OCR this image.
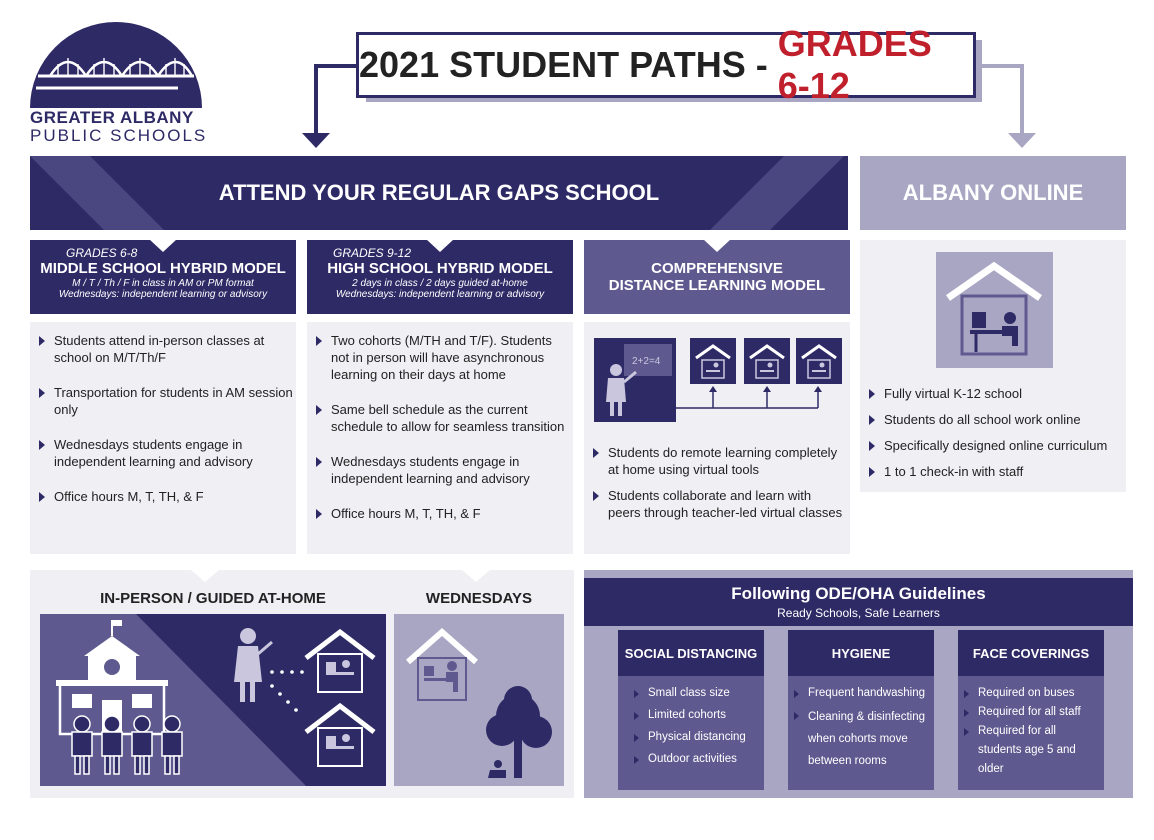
GREATER ALBANY
PUBLIC SCHOOLS
2021 STUDENT PATHS -
GRADES 6-12
ATTEND YOUR REGULAR GAPS SCHOOL	ALBANY ONLINE
Fully virtual K-12 school
Students do all school work online
Specifically designed online curriculum
1 to 1 check-in with staff
GRADES 6-8
MIDDLE SCHOOL HYBRID MODEL
M / T / Th / F in class in AM or PM format
Wednesdays: independent learning or advisory
Students attend in-person classes at school on M/T/Th/F
Transportation for students in AM session only
Wednesdays students engage in independent learning and advisory
Office hours M, T, TH, & F
GRADES 9-12
HIGH SCHOOL HYBRID MODEL
2 days in class / 2 days guided at-home
Wednesdays: independent learning or advisory
Two cohorts (M/TH and T/F). Students not in person will have asynchronous learning on their days at home
Same bell schedule as the current schedule to allow for seamless transition
Wednesdays students engage in independent learning and advisory
Office hours M, T, TH, & F
COMPREHENSIVE
DISTANCE LEARNING MODEL
2+2=4
Students do remote learning completely at home using virtual tools
Students collaborate and learn with peers through teacher-led virtual classes
IN-PERSON / GUIDED AT-HOME	WEDNESDAYS	Following ODE/OHA Guidelines
Ready Schools, Safe Learners
SOCIAL DISTANCING
Small class size
Limited cohorts
Physical distancing
Outdoor activities
HYGIENE
Frequent handwashing
Cleaning & disinfecting when cohorts move between rooms
FACE COVERINGS
Required on buses
Required for all staff
Required for all students age 5 and older
